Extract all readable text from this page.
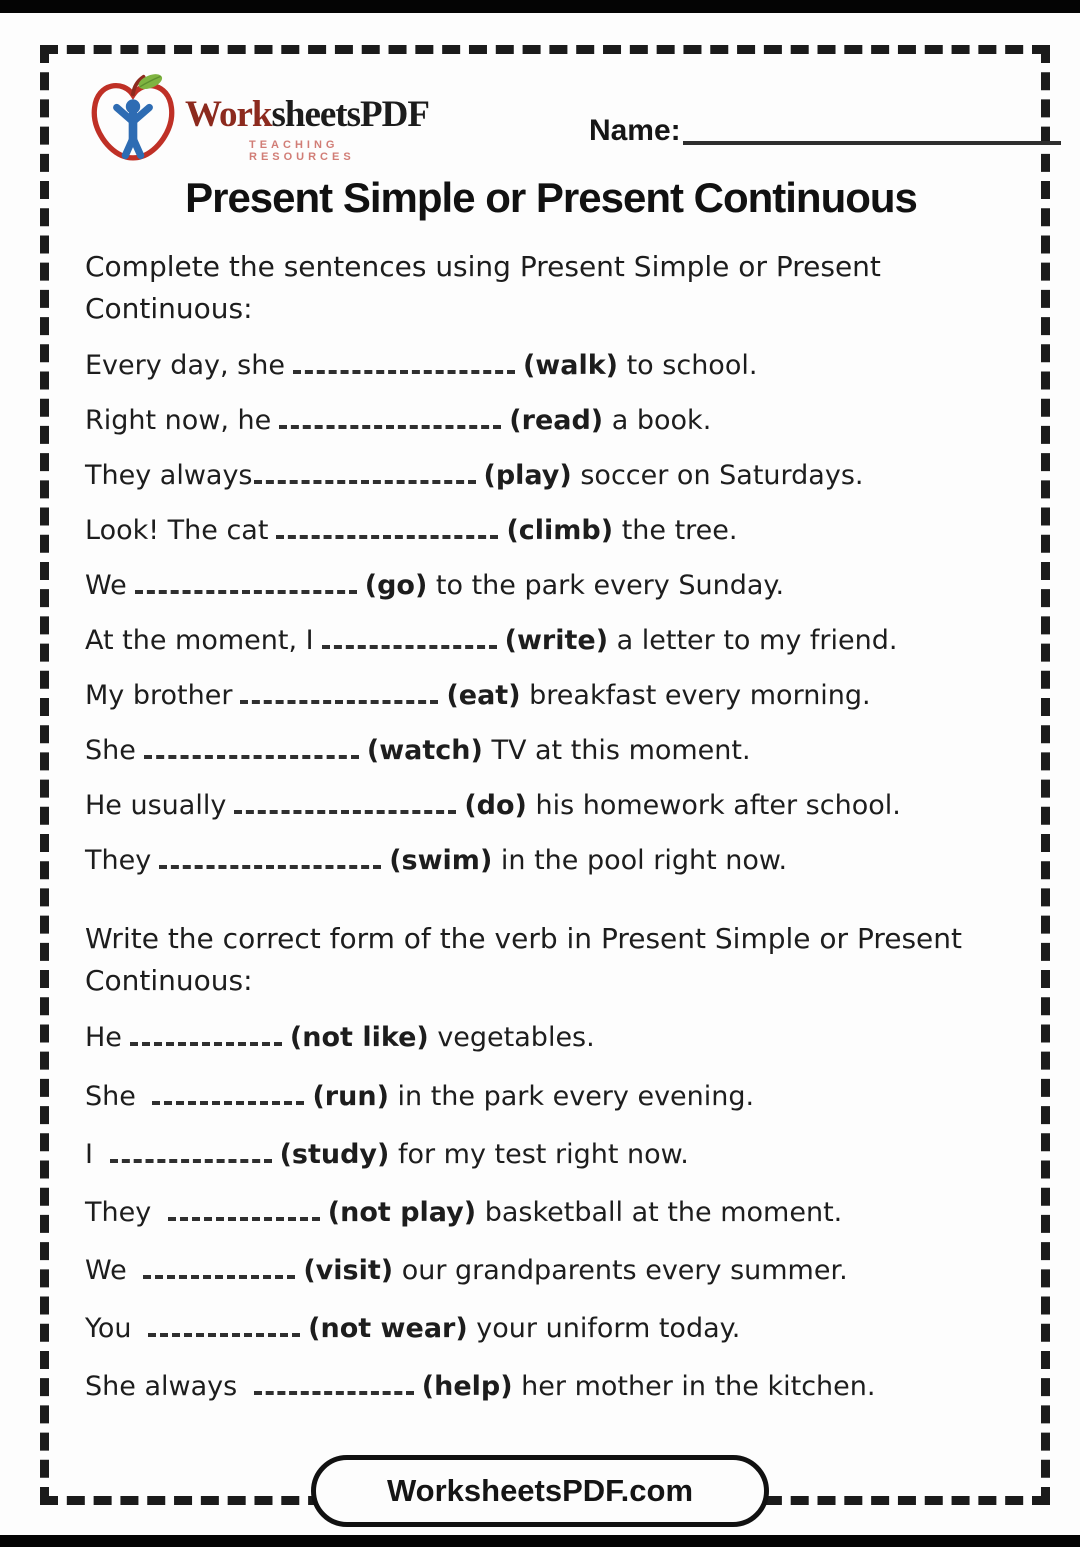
WorksheetsPDF
TEACHING RESOURCES
Name:
Present Simple or Present Continuous

Complete the sentences using Present Simple or Present Continuous:

Every day, she	(walk) to school.

Right now, he	(read) a book.

They always	(play) soccer on Saturdays.

Look! The cat	(climb) the tree.

We	(go) to the park every Sunday.

At the moment, I	(write) a letter to my friend.

My brother	(eat) breakfast every morning.

She	(watch) TV at this moment.

He usually	(do) his homework after school.

They	(swim) in the pool right now.

Write the correct form of the verb in Present Simple or Present Continuous:

He	(not like) vegetables.

She	(run) in the park every evening.

I	(study) for my test right now.

They	(not play) basketball at the moment.

We	(visit) our grandparents every summer.

You	(not wear) your uniform today.

She always	(help) her mother in the kitchen.

WorksheetsPDF.com
